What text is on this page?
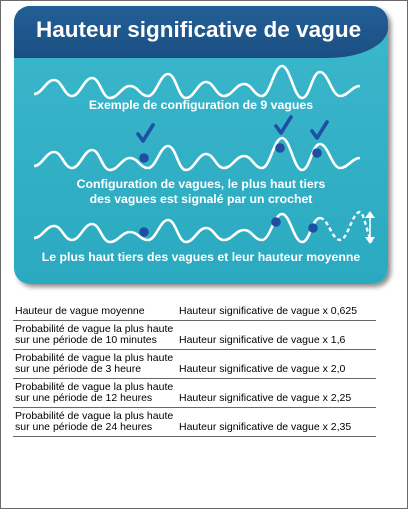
Hauteur significative de vague
Exemple de configuration de 9 vagues
Configuration de vagues, le plus haut tiers
des vagues est signalé par un crochet
Le plus haut tiers des vagues et leur hauteur moyenne
Hauteur de vague moyenne	Hauteur significative de vague x 0,625
Probabilité de vague la plus haute sur une période de 10 minutes	Hauteur significative de vague x 1,6
Probabilité de vague la plus haute sur une période de 3 heure	Hauteur significative de vague x 2,0
Probabilité de vague la plus haute sur une période de 12 heures	Hauteur significative de vague x 2,25
Probabilité de vague la plus haute sur une période de 24 heures	Hauteur significative de vague x 2,35
